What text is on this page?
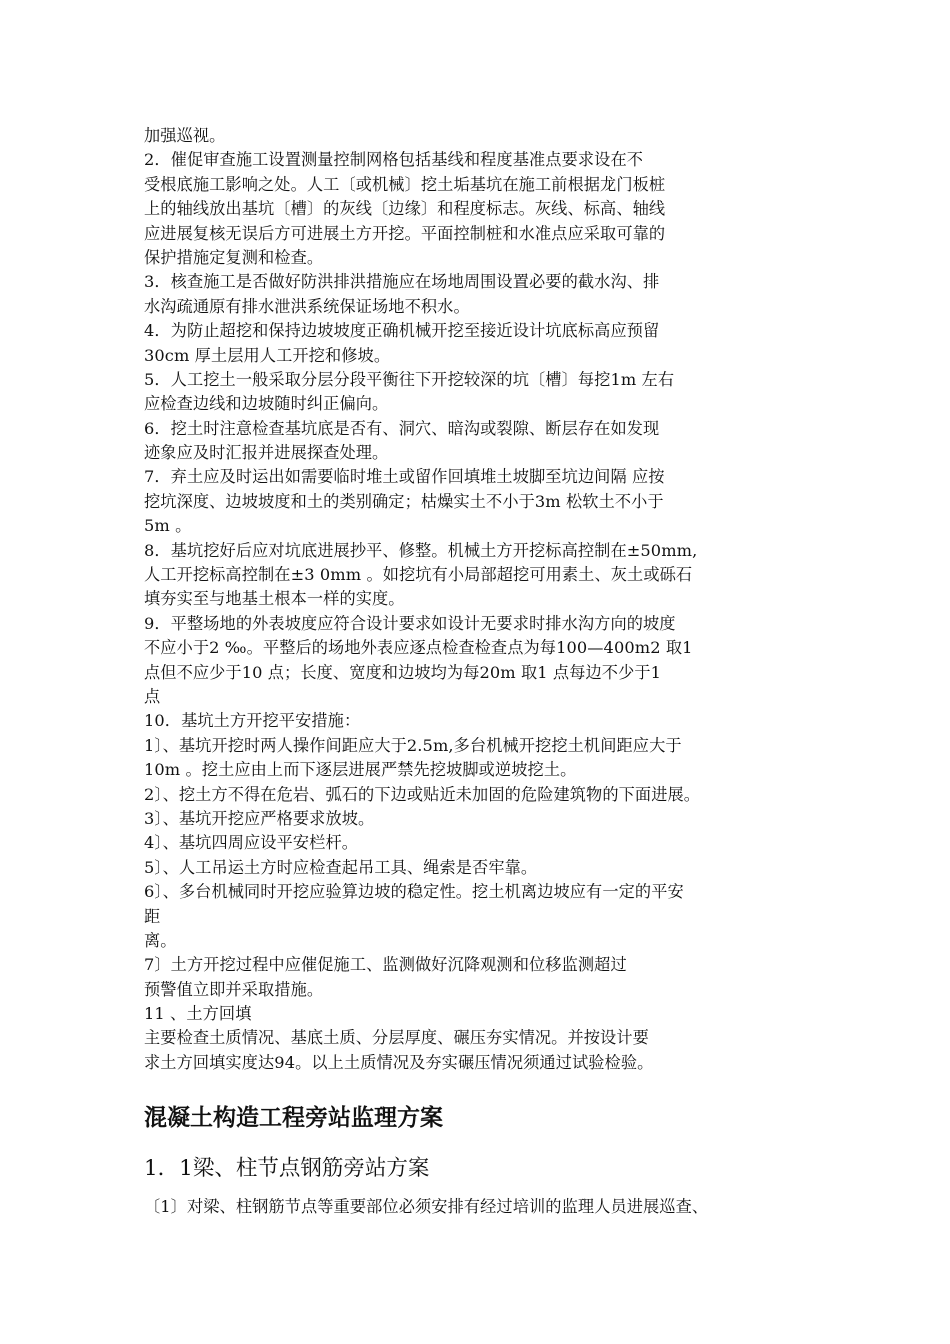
加强巡视。
2．催促审查施工设置测量控制网格包括基线和程度基准点要求设在不
受根底施工影响之处。人工〔或机械〕挖土垢基坑在施工前根据龙门板桩
上的轴线放出基坑〔槽〕的灰线〔边缘〕和程度标志。灰线、标高、轴线
应进展复核无误后方可进展土方开挖。平面控制桩和水准点应采取可靠的
保护措施定复测和检查。
3．核查施工是否做好防洪排洪措施应在场地周围设置必要的截水沟、排
水沟疏通原有排水泄洪系统保证场地不积水。
4．为防止超挖和保持边坡坡度正确机械开挖至接近设计坑底标高应预留
30cm 厚土层用人工开挖和修坡。
5．人工挖土一般采取分层分段平衡往下开挖较深的坑〔槽〕每挖1m 左右
应检查边线和边坡随时纠正偏向。
6．挖土时注意检查基坑底是否有、洞穴、暗沟或裂隙、断层存在如发现
迹象应及时汇报并进展探查处理。
7．弃土应及时运出如需要临时堆土或留作回填堆土坡脚至坑边间隔 应按
挖坑深度、边坡坡度和土的类别确定；枯燥实土不小于3m 松软土不小于
5m 。
8．基坑挖好后应对坑底进展抄平、修整。机械土方开挖标高控制在±50mm,
人工开挖标高控制在±3 0mm 。如挖坑有小局部超挖可用素土、灰土或砾石
填夯实至与地基土根本一样的实度。
9．平整场地的外表坡度应符合设计要求如设计无要求时排水沟方向的坡度
不应小于2 ‰。平整后的场地外表应逐点检查检查点为每100—400m2 取1
点但不应少于10 点；长度、宽度和边坡均为每20m 取1 点每边不少于1
点
10．基坑土方开挖平安措施：
1〕、基坑开挖时两人操作间距应大于2.5m,多台机械开挖挖土机间距应大于
10m 。挖土应由上而下逐层进展严禁先挖坡脚或逆坡挖土。
2〕、挖土方不得在危岩、弧石的下边或贴近未加固的危险建筑物的下面进展。
3〕、基坑开挖应严格要求放坡。
4〕、基坑四周应设平安栏杆。
5〕、人工吊运土方时应检查起吊工具、绳索是否牢靠。
6〕、多台机械同时开挖应验算边坡的稳定性。挖土机离边坡应有一定的平安
距
离。
7〕土方开挖过程中应催促施工、监测做好沉降观测和位移监测超过
预警值立即并采取措施。
11 、土方回填
主要检查土质情况、基底土质、分层厚度、碾压夯实情况。并按设计要
求土方回填实度达94。以上土质情况及夯实碾压情况须通过试验检验。
混凝土构造工程旁站监理方案
1．1梁、柱节点钢筋旁站方案
〔1〕对梁、柱钢筋节点等重要部位必须安排有经过培训的监理人员进展巡查、
